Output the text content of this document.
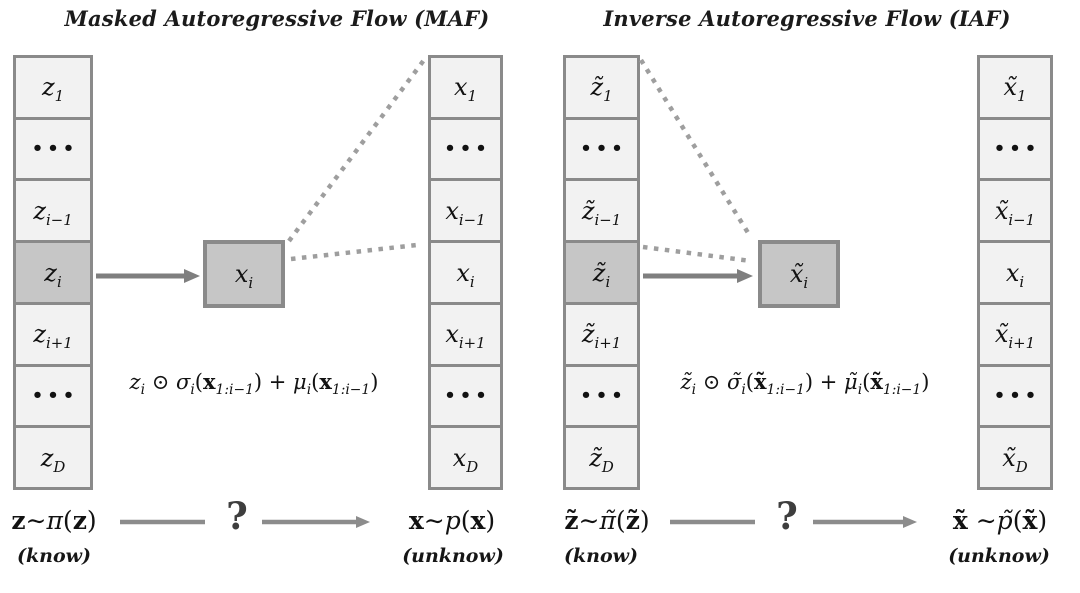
Masked Autoregressive Flow (MAF)
$z_1$
•••
$z_{i-1}$
$z_i$
$z_{i+1}$
•••
$z_D$
$x_i$
$x_1$
•••
$x_{i-1}$
$x_i$
$x_{i+1}$
•••
$x_D$
$z_i$ ⊙ $\sigma_i(x_{1:i-1}) + \mu_i(x_{1:i-1})$
z∼π(z)
(know)
?	x∼p(x)
(unknow)
Inverse Autoregressive Flow (IAF)
$z̃_1$
•••
$z̃_{i-1}$
$z̃_i$
$z̃_{i+1}$
•••
$z̃_D$
$x̃_i$
$x̃_1$
•••
$x̃_{i-1}$
$x_i$
$x̃_{i+1}$
•••
$x̃_D$
$z̃_i$ ⊙ $\sigmã_i(x̃_{1:i-1})$ + $\mũ_i(x̃_{1:i-1})$
z̃∼π̃(z̃)
(know)
?	x̃ ∼p̃(x̃)
(unknow)
